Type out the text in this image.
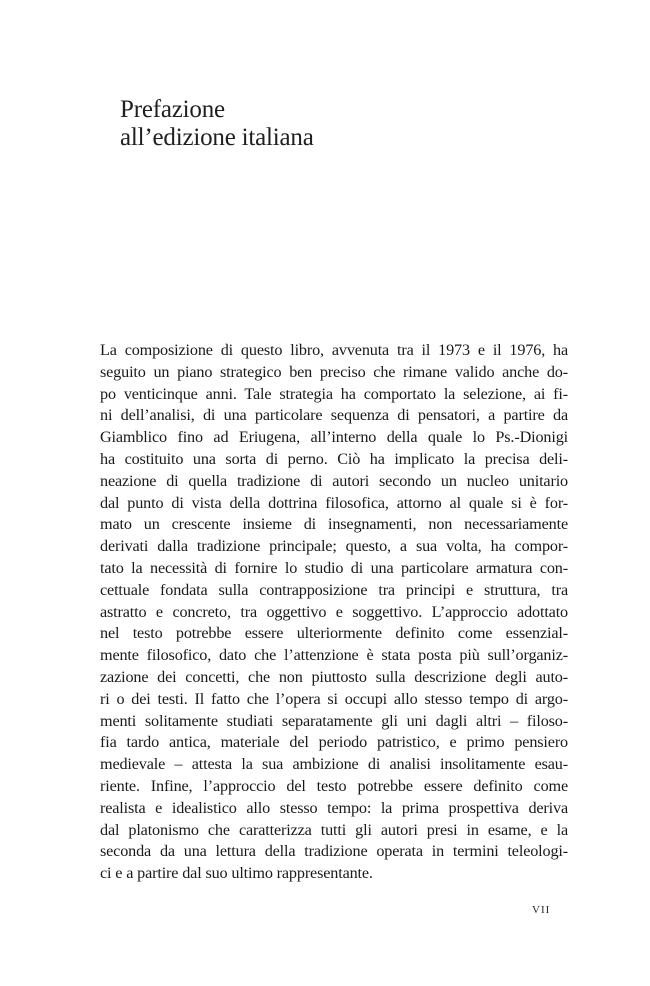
Prefazione
all’edizione italiana
La composizione di questo libro, avvenuta tra il 1973 e il 1976, ha
seguito un piano strategico ben preciso che rimane valido anche do-
po venticinque anni. Tale strategia ha comportato la selezione, ai fi-
ni dell’analisi, di una particolare sequenza di pensatori, a partire da
Giamblico fino ad Eriugena, all’interno della quale lo Ps.-Dionigi
ha costituito una sorta di perno. Ciò ha implicato la precisa deli-
neazione di quella tradizione di autori secondo un nucleo unitario
dal punto di vista della dottrina filosofica, attorno al quale si è for-
mato un crescente insieme di insegnamenti, non necessariamente
derivati dalla tradizione principale; questo, a sua volta, ha compor-
tato la necessità di fornire lo studio di una particolare armatura con-
cettuale fondata sulla contrapposizione tra principi e struttura, tra
astratto e concreto, tra oggettivo e soggettivo. L’approccio adottato
nel testo potrebbe essere ulteriormente definito come essenzial-
mente filosofico, dato che l’attenzione è stata posta più sull’organiz-
zazione dei concetti, che non piuttosto sulla descrizione degli auto-
ri o dei testi. Il fatto che l’opera si occupi allo stesso tempo di argo-
menti solitamente studiati separatamente gli uni dagli altri – filoso-
fia tardo antica, materiale del periodo patristico, e primo pensiero
medievale – attesta la sua ambizione di analisi insolitamente esau-
riente. Infine, l’approccio del testo potrebbe essere definito come
realista e idealistico allo stesso tempo: la prima prospettiva deriva
dal platonismo che caratterizza tutti gli autori presi in esame, e la
seconda da una lettura della tradizione operata in termini teleologi-
ci e a partire dal suo ultimo rappresentante.
VII
